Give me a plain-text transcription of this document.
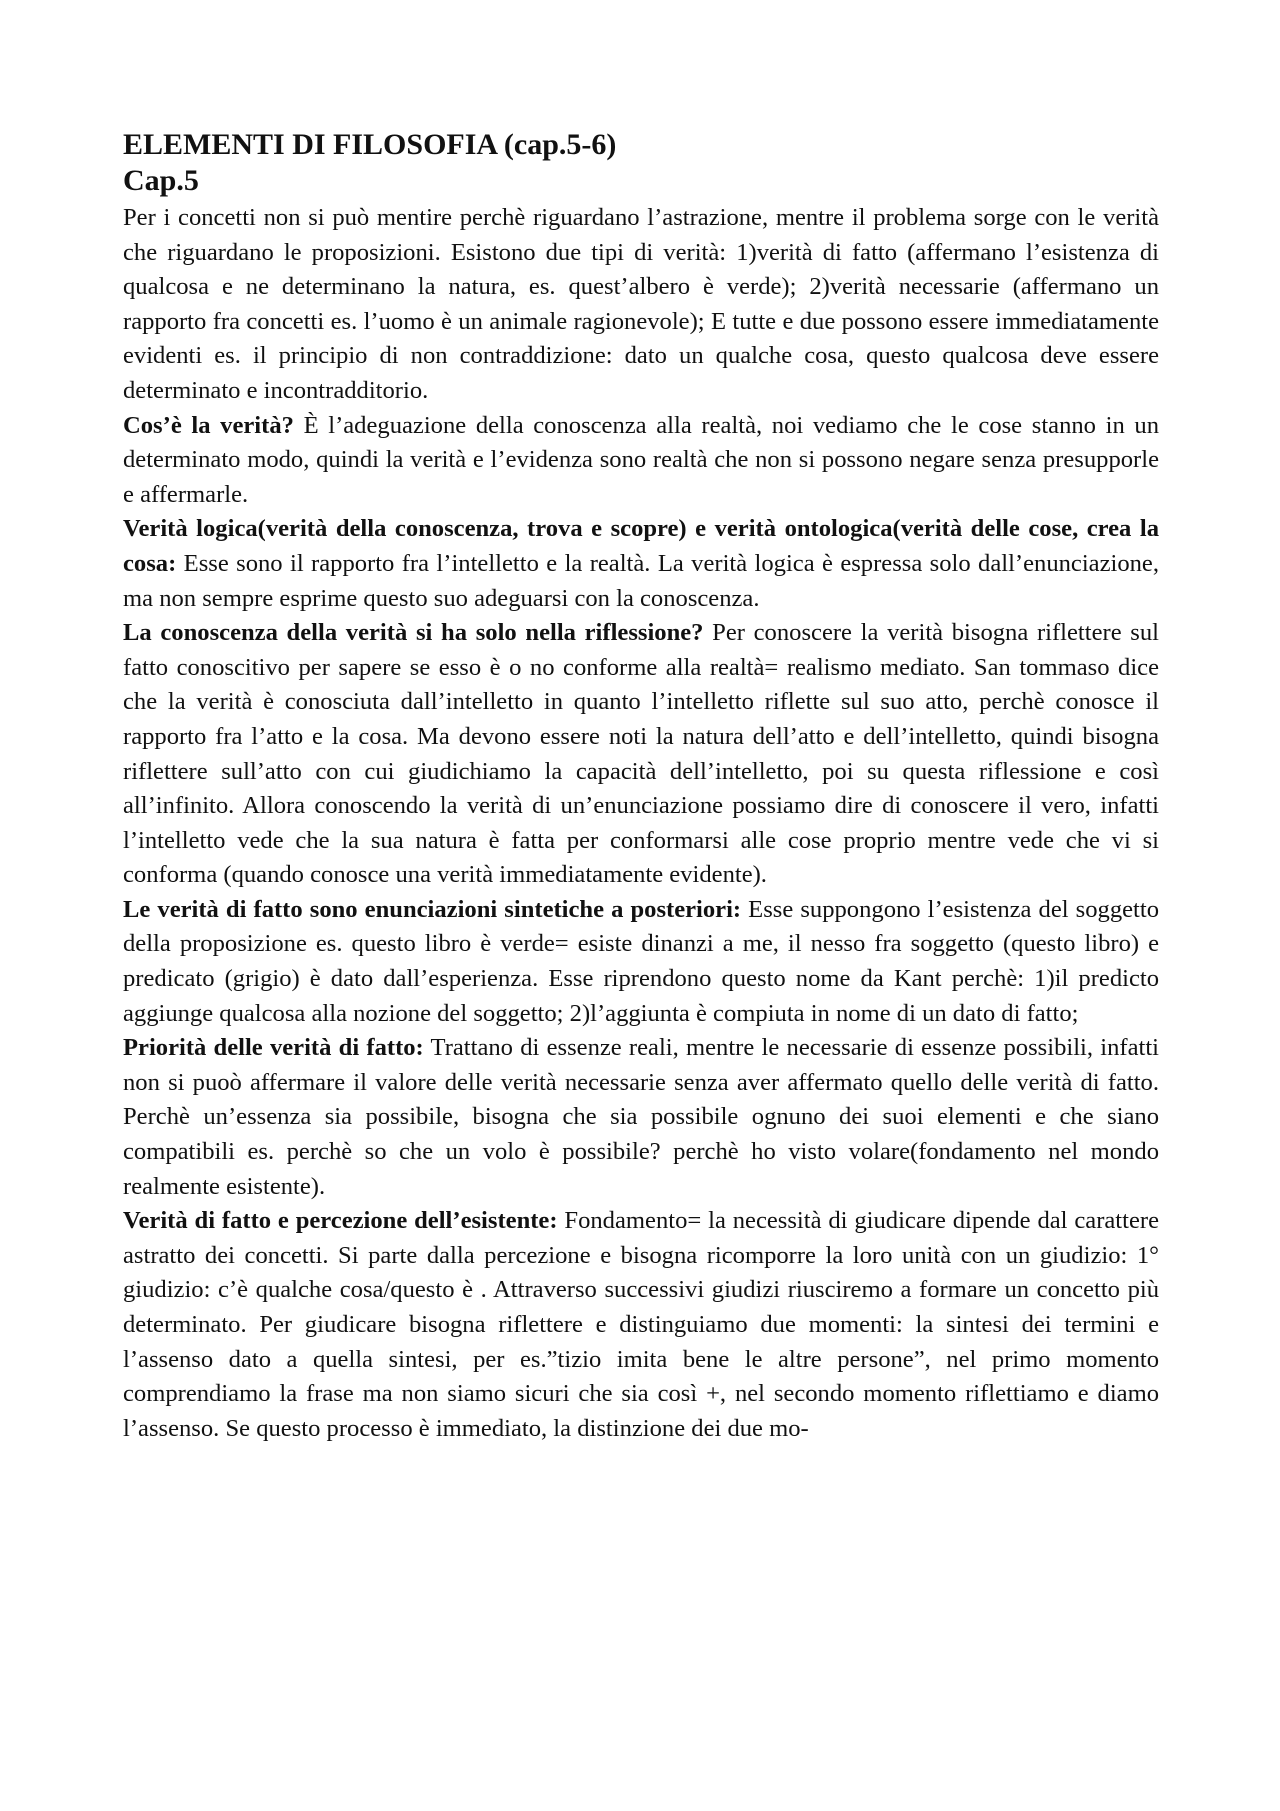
ELEMENTI DI FILOSOFIA (cap.5-6)
Cap.5

Per i concetti non si può mentire perchè riguardano l’astrazione, mentre il problema sorge con le verità che riguardano le proposizioni. Esistono due tipi di verità: 1)verità di fatto (affermano l’esistenza di qualcosa e ne determinano la natura, es. quest’albero è verde); 2)verità necessarie (affermano un rapporto fra concetti es. l’uomo è un animale ragionevole); E tutte e due possono essere immediatamente evidenti es. il principio di non contraddizione: dato un qualche cosa, questo qualcosa deve essere determinato e incontradditorio.

Cos’è la verità? È l’adeguazione della conoscenza alla realtà, noi vediamo che le cose stanno in un determinato modo, quindi la verità e l’evidenza sono realtà che non si possono negare senza presupporle e affermarle.

Verità logica(verità della conoscenza, trova e scopre) e verità ontologica(verità delle cose, crea la cosa: Esse sono il rapporto fra l’intelletto e la realtà. La verità logica è espressa solo dall’enunciazione, ma non sempre esprime questo suo adeguarsi con la conoscenza.

La conoscenza della verità si ha solo nella riflessione? Per conoscere la verità bisogna riflettere sul fatto conoscitivo per sapere se esso è o no conforme alla realtà= realismo mediato. San tommaso dice che la verità è conosciuta dall’intelletto in quanto l’intelletto riflette sul suo atto, perchè conosce il rapporto fra l’atto e la cosa. Ma devono essere noti la natura dell’atto e dell’intelletto, quindi bisogna riflettere sull’atto con cui giudichiamo la capacità dell’intelletto, poi su questa riflessione e così all’infinito. Allora conoscendo la verità di un’enunciazione possiamo dire di conoscere il vero, infatti l’intelletto vede che la sua natura è fatta per conformarsi alle cose proprio mentre vede che vi si conforma (quando conosce una verità immediatamente evidente).

Le verità di fatto sono enunciazioni sintetiche a posteriori: Esse suppongono l’esistenza del soggetto della proposizione es. questo libro è verde= esiste dinanzi a me, il nesso fra soggetto (questo libro) e predicato (grigio) è dato dall’esperienza. Esse riprendono questo nome da Kant perchè: 1)il predicto aggiunge qualcosa alla nozione del soggetto; 2)l’aggiunta è compiuta in nome di un dato di fatto;

Priorità delle verità di fatto: Trattano di essenze reali, mentre le necessarie di essenze possibili, infatti non si puoò affermare il valore delle verità necessarie senza aver affermato quello delle verità di fatto. Perchè un’essenza sia possibile, bisogna che sia possibile ognuno dei suoi elementi e che siano compatibili es. perchè so che un volo è possibile? perchè ho visto volare(fondamento nel mondo realmente esistente).

Verità di fatto e percezione dell’esistente: Fondamento= la necessità di giudicare dipende dal carattere astratto dei concetti. Si parte dalla percezione e bisogna ricomporre la loro unità con un giudizio: 1° giudizio: c’è qualche cosa/questo è . Attraverso successivi giudizi riusciremo a formare un concetto più determinato. Per giudicare bisogna riflettere e distinguiamo due momenti: la sintesi dei termini e l’assenso dato a quella sintesi, per es.”tizio imita bene le altre persone”, nel primo momento comprendiamo la frase ma non siamo sicuri che sia così +, nel secondo momento riflettiamo e diamo l’assenso. Se questo processo è immediato, la distinzione dei due mo-
